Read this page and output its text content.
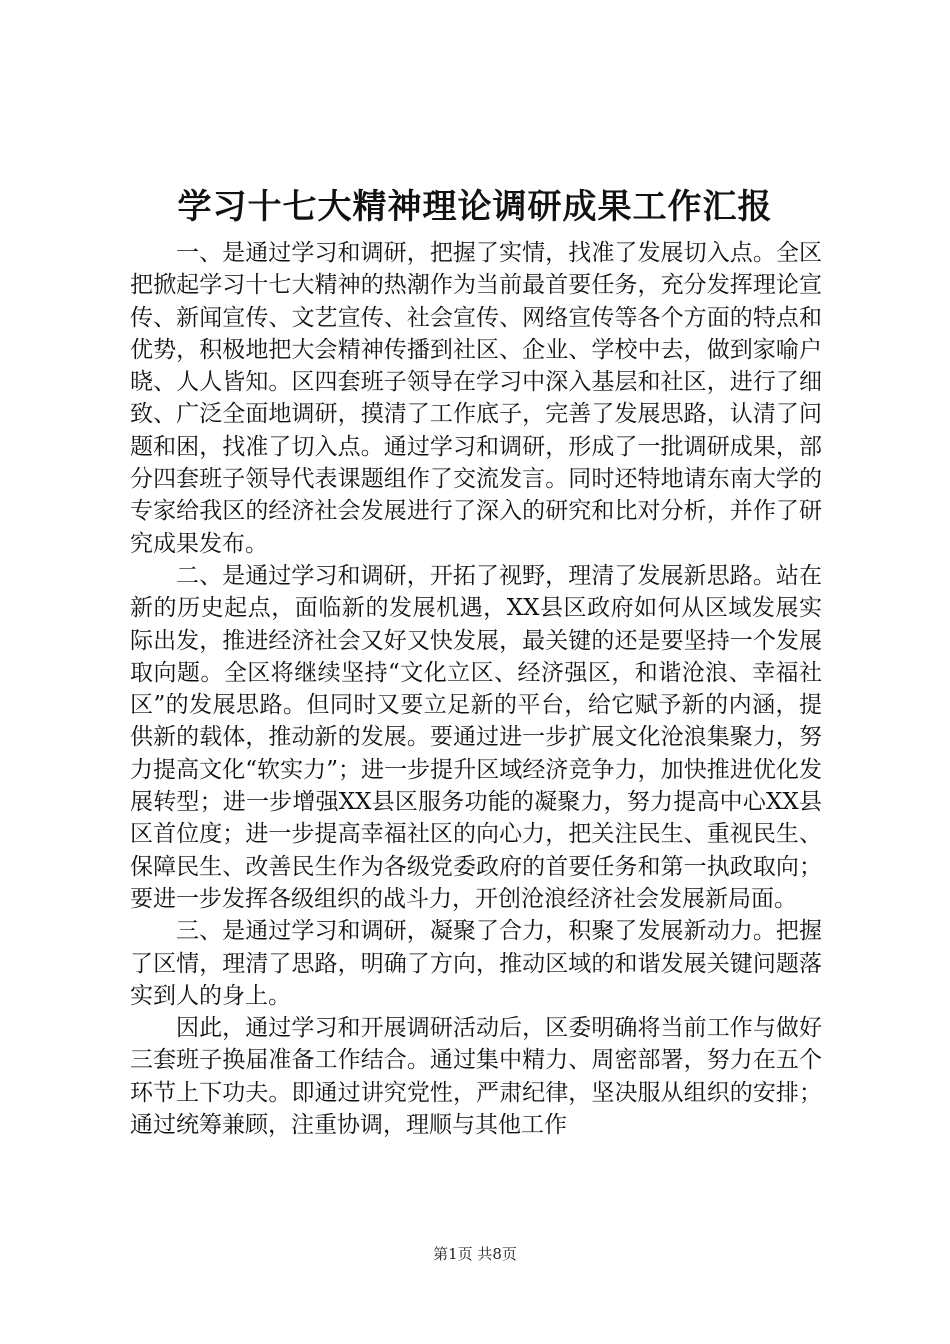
学习十七大精神理论调研成果工作汇报

一、是通过学习和调研，把握了实情，找准了发展切入点。全区把掀起学习十七大精神的热潮作为当前最首要任务，充分发挥理论宣传、新闻宣传、文艺宣传、社会宣传、网络宣传等各个方面的特点和优势，积极地把大会精神传播到社区、企业、学校中去，做到家喻户晓、人人皆知。区四套班子领导在学习中深入基层和社区，进行了细致、广泛全面地调研，摸清了工作底子，完善了发展思路，认清了问题和困，找准了切入点。通过学习和调研，形成了一批调研成果，部分四套班子领导代表课题组作了交流发言。同时还特地请东南大学的专家给我区的经济社会发展进行了深入的研究和比对分析，并作了研究成果发布。

二、是通过学习和调研，开拓了视野，理清了发展新思路。站在新的历史起点，面临新的发展机遇，XX县区政府如何从区域发展实际出发，推进经济社会又好又快发展，最关键的还是要坚持一个发展取向题。全区将继续坚持“文化立区、经济强区，和谐沧浪、幸福社区”的发展思路。但同时又要立足新的平台，给它赋予新的内涵，提供新的载体，推动新的发展。要通过进一步扩展文化沧浪集聚力，努力提高文化“软实力”；进一步提升区域经济竞争力，加快推进优化发展转型；进一步增强XX县区服务功能的凝聚力，努力提高中心XX县区首位度；进一步提高幸福社区的向心力，把关注民生、重视民生、保障民生、改善民生作为各级党委政府的首要任务和第一执政取向；要进一步发挥各级组织的战斗力，开创沧浪经济社会发展新局面。

三、是通过学习和调研，凝聚了合力，积聚了发展新动力。把握了区情，理清了思路，明确了方向，推动区域的和谐发展关键问题落实到人的身上。

因此，通过学习和开展调研活动后，区委明确将当前工作与做好三套班子换届准备工作结合。通过集中精力、周密部署，努力在五个环节上下功夫。即通过讲究党性，严肃纪律，坚决服从组织的安排；通过统筹兼顾，注重协调，理顺与其他工作

第1页 共8页
